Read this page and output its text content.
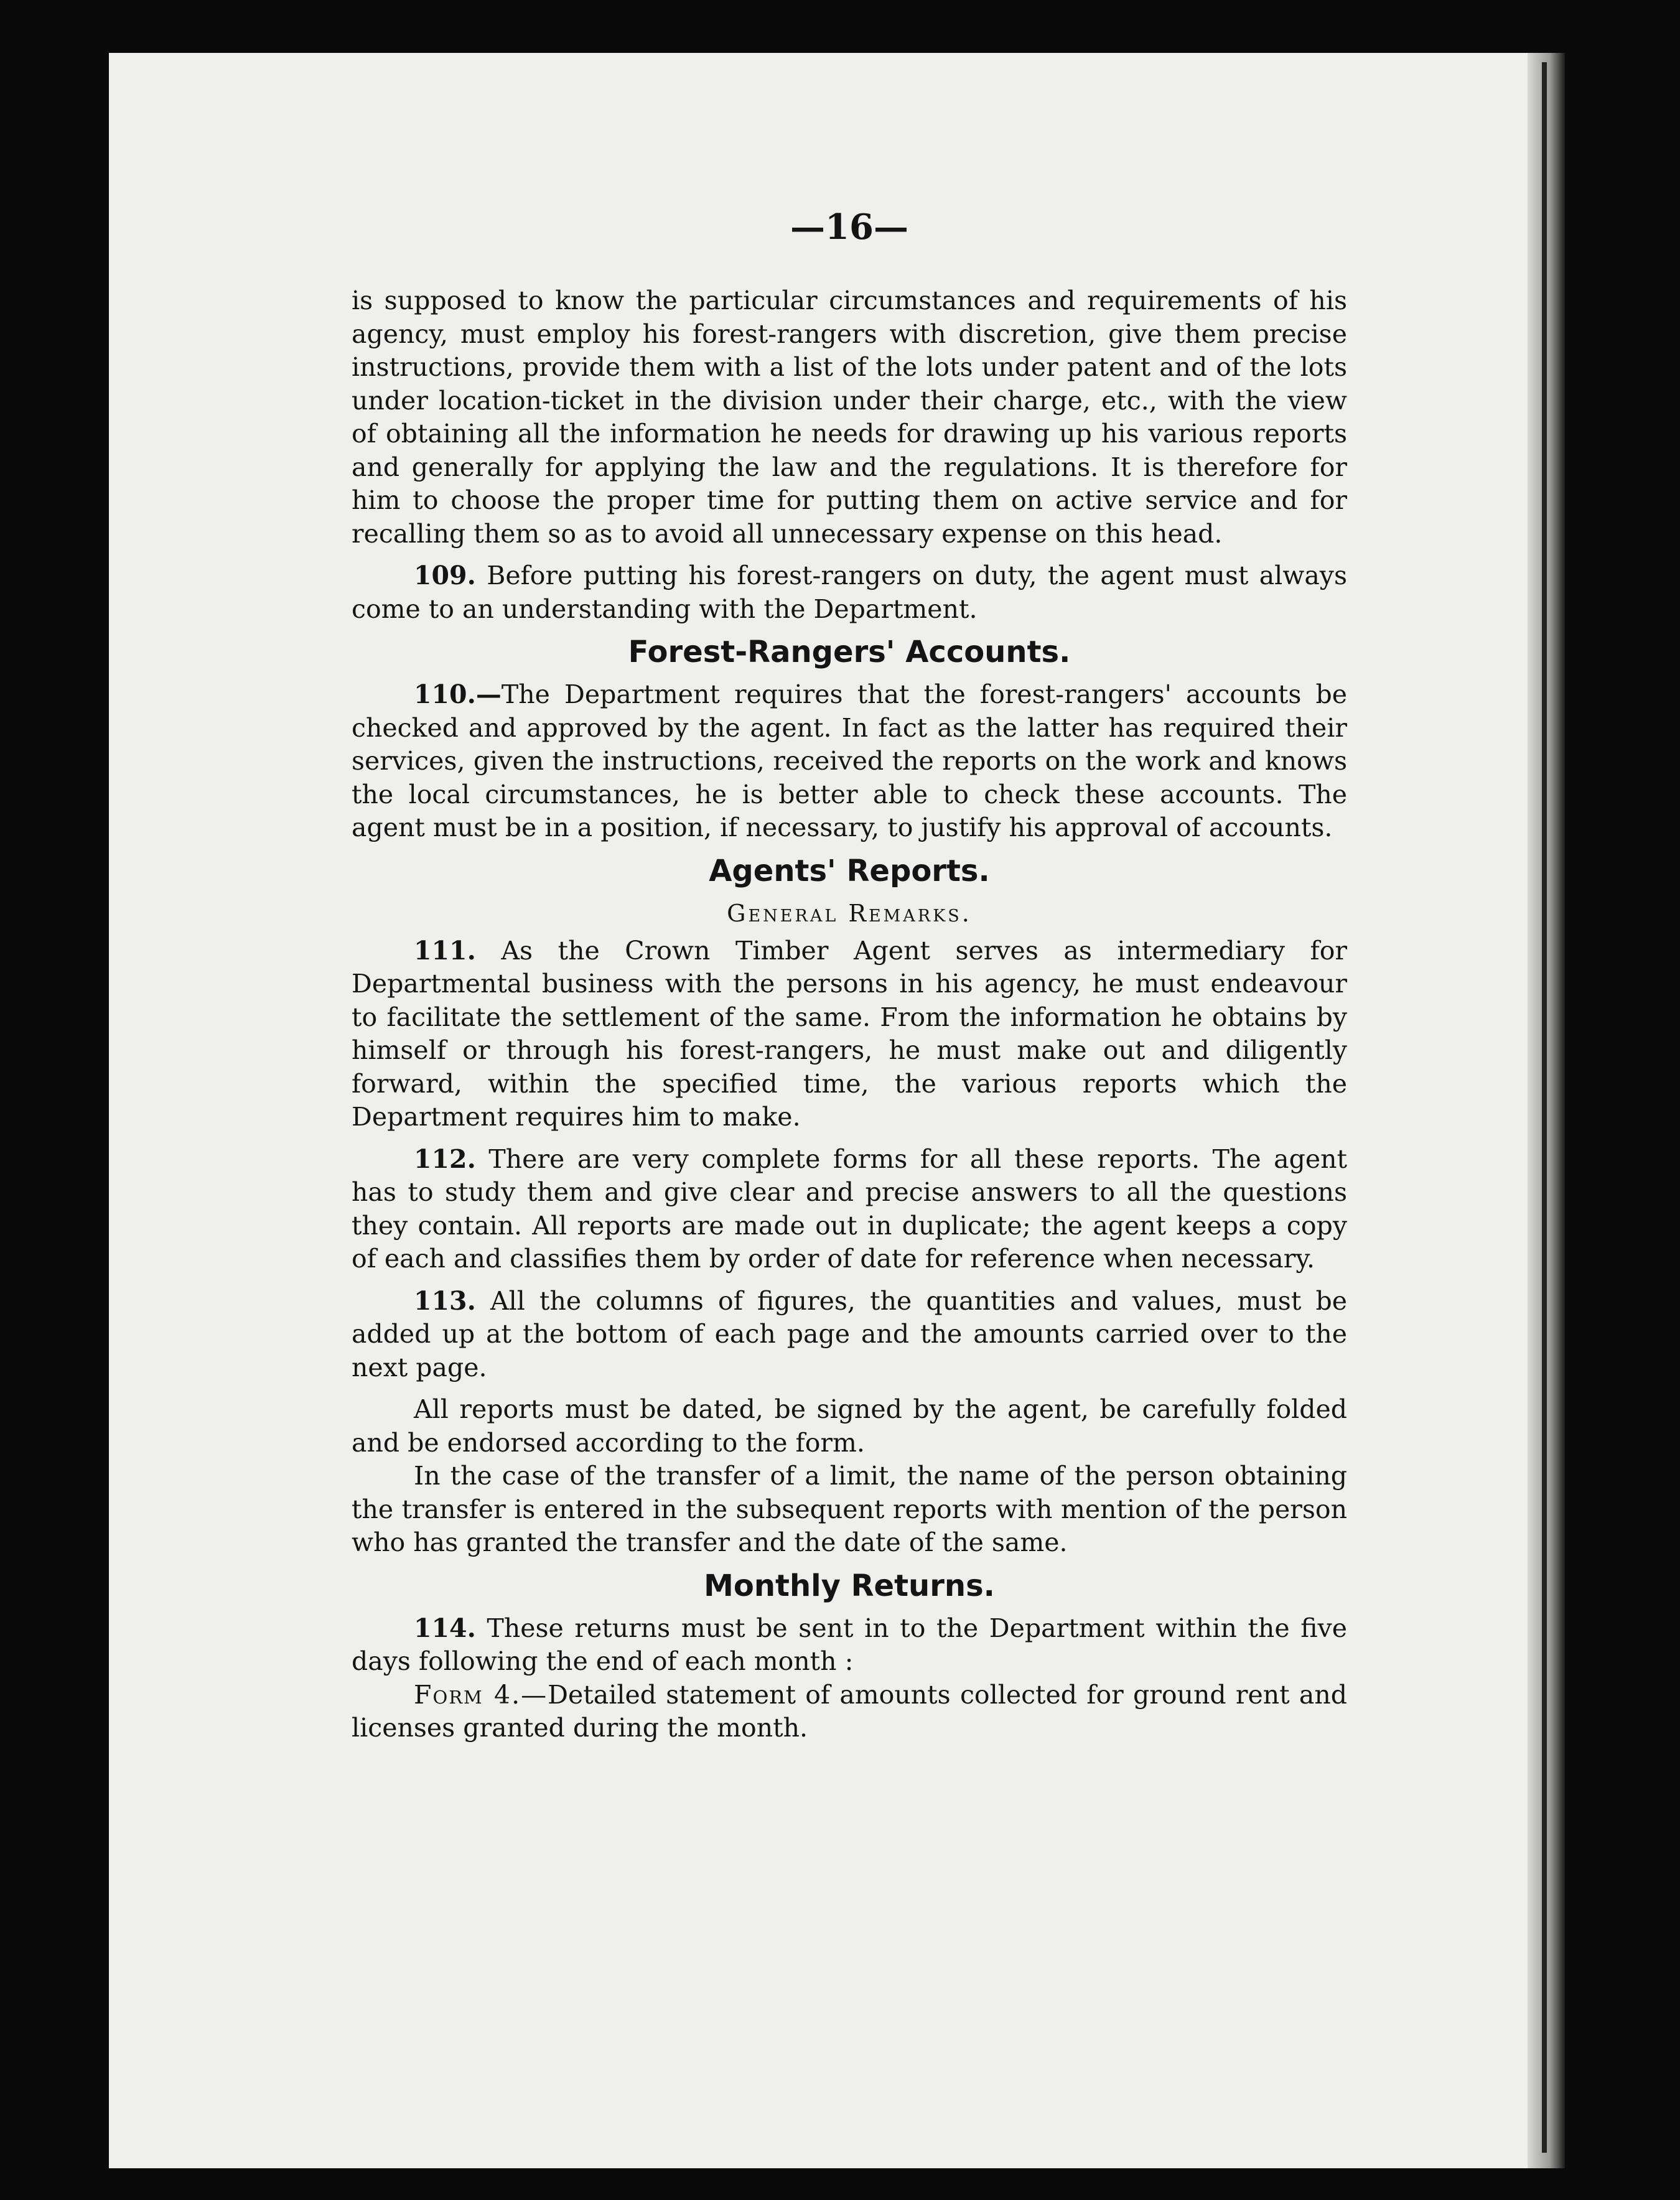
—16—

is supposed to know the particular circumstances and requirements of his agency, must employ his forest-rangers with discretion, give them precise instructions, provide them with a list of the lots under patent and of the lots under location-ticket in the division under their charge, etc., with the view of obtaining all the information he needs for drawing up his various reports and generally for applying the law and the regulations. It is therefore for him to choose the proper time for putting them on active service and for recalling them so as to avoid all unnecessary expense on this head.

109. Before putting his forest-rangers on duty, the agent must always come to an understanding with the Department.

Forest-Rangers' Accounts.

110.—The Department requires that the forest-rangers' accounts be checked and approved by the agent. In fact as the latter has required their services, given the instructions, received the reports on the work and knows the local circumstances, he is better able to check these accounts. The agent must be in a position, if necessary, to justify his approval of accounts.

Agents' Reports.
General Remarks.

111. As the Crown Timber Agent serves as intermediary for Departmental business with the persons in his agency, he must endeavour to facilitate the settlement of the same. From the information he obtains by himself or through his forest-rangers, he must make out and diligently forward, within the specified time, the various reports which the Department requires him to make.

112. There are very complete forms for all these reports. The agent has to study them and give clear and precise answers to all the questions they contain. All reports are made out in duplicate; the agent keeps a copy of each and classifies them by order of date for reference when necessary.

113. All the columns of figures, the quantities and values, must be added up at the bottom of each page and the amounts carried over to the next page.

All reports must be dated, be signed by the agent, be carefully folded and be endorsed according to the form.

In the case of the transfer of a limit, the name of the person obtaining the transfer is entered in the subsequent reports with mention of the person who has granted the transfer and the date of the same.

Monthly Returns.

114. These returns must be sent in to the Department within the five days following the end of each month :

Form 4.—Detailed statement of amounts collected for ground rent and licenses granted during the month.
